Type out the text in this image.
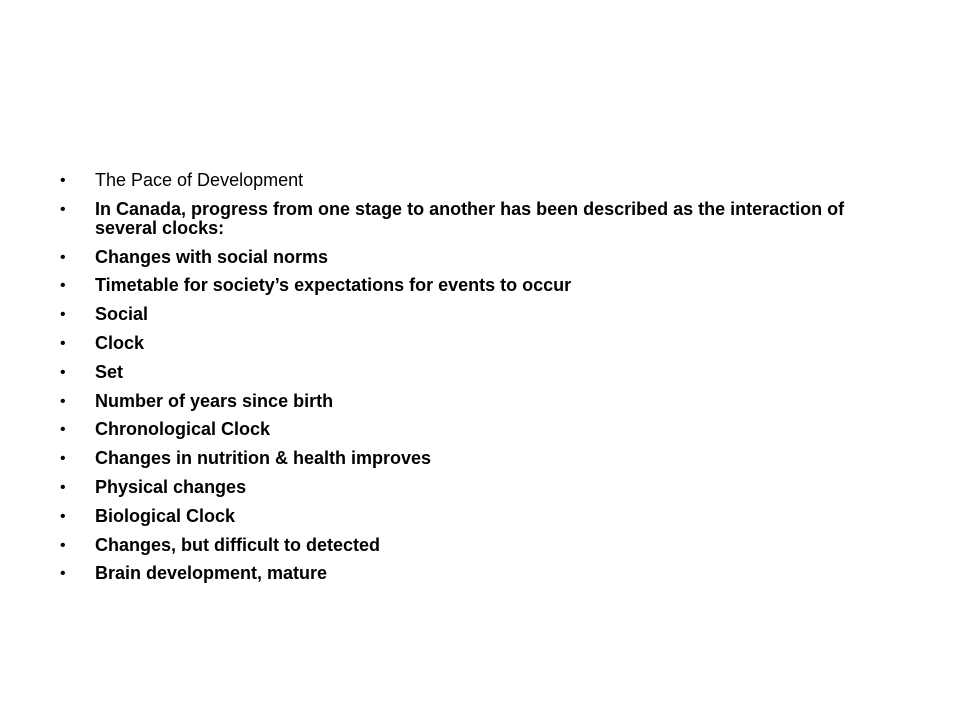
• The Pace of Development
• In Canada, progress from one stage to another has been described as the interaction of several clocks:
• Changes with social norms
• Timetable for society’s expectations for events to occur
• Social
• Clock
• Set
• Number of years since birth
• Chronological Clock
• Changes in nutrition & health improves
• Physical changes
• Biological Clock
• Changes, but difficult to detected
• Brain development, mature
